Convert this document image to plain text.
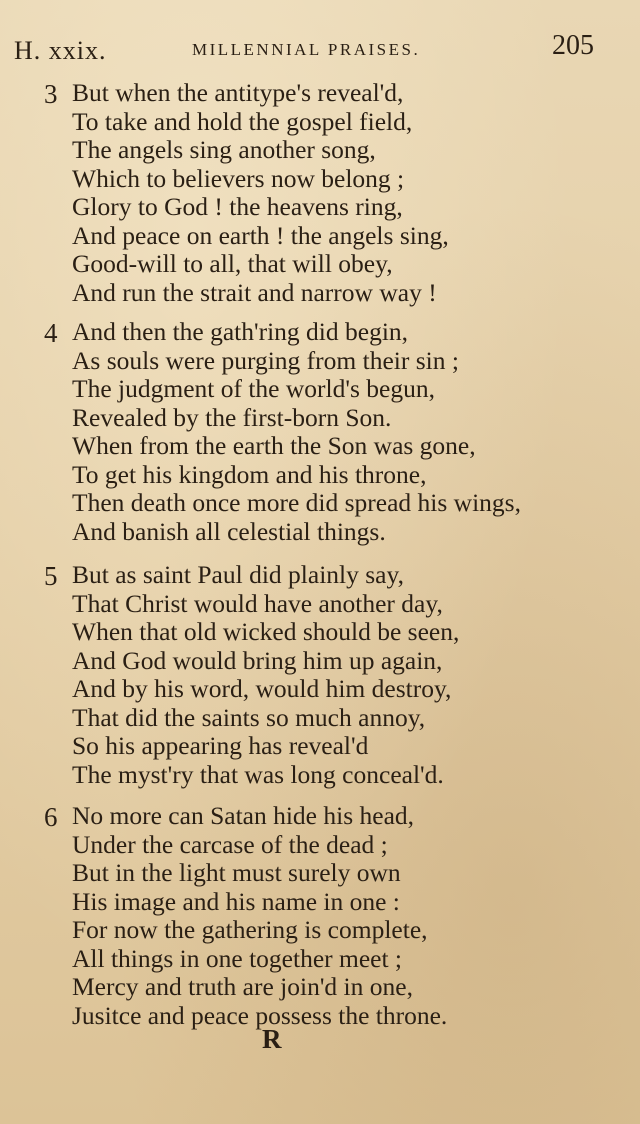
H. xxix.	MILLENNIAL PRAISES.	205
3 But when the antitype's reveal'd,
To take and hold the gospel field,
The angels sing another song,
Which to believers now belong ;
Glory to God ! the heavens ring,
And peace on earth ! the angels sing,
Good-will to all, that will obey,
And run the strait and narrow way !
4 And then the gath'ring did begin,
As souls were purging from their sin ;
The judgment of the world's begun,
Revealed by the first-born Son.
When from the earth the Son was gone,
To get his kingdom and his throne,
Then death once more did spread his wings,
And banish all celestial things.
5 But as saint Paul did plainly say,
That Christ would have another day,
When that old wicked should be seen,
And God would bring him up again,
And by his word, would him destroy,
That did the saints so much annoy,
So his appearing has reveal'd
The myst'ry that was long conceal'd.
6 No more can Satan hide his head,
Under the carcase of the dead ;
But in the light must surely own
His image and his name in one :
For now the gathering is complete,
All things in one together meet ;
Mercy and truth are join'd in one,
Jusitce and peace possess the throne.
R
